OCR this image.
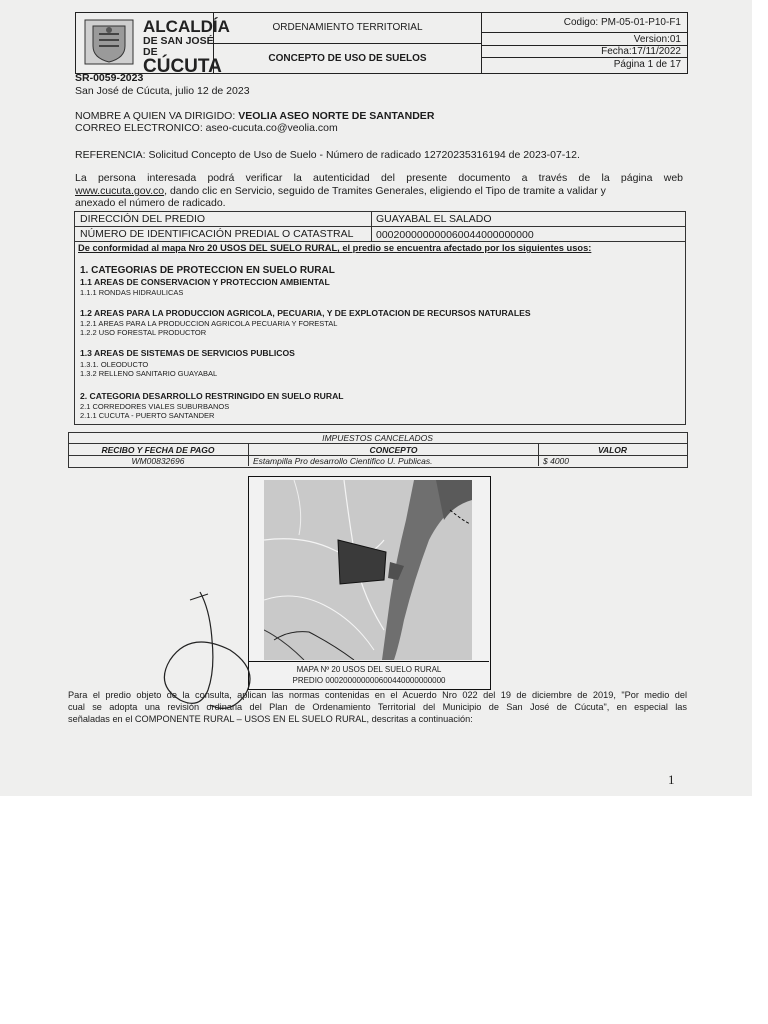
ALCALDÍA
DE SAN JOSÉ DE
CÚCUTA
ORDENAMIENTO TERRITORIAL
CONCEPTO DE USO DE SUELOS
Codigo: PM-05-01-P10-F1
Version:01
Fecha:17/11/2022
Página 1 de 17
SR-0059-2023
San José de Cúcuta, julio 12 de 2023
NOMBRE A QUIEN VA DIRIGIDO: VEOLIA ASEO NORTE DE SANTANDER
CORREO ELECTRONICO: aseo-cucuta.co@veolia.com
REFERENCIA: Solicitud Concepto de Uso de Suelo - Número de radicado 12720235316194 de 2023-07-12.
La persona interesada podrá verificar la autenticidad del presente documento a través de la página web
www.cucuta.gov.co, dando clic en Servicio, seguido de Tramites Generales, eligiendo el Tipo de tramite a validar y
anexado el número de radicado.
DIRECCIÓN DEL PREDIO	GUAYABAL EL SALADO
NÚMERO DE IDENTIFICACIÓN PREDIAL O CATASTRAL 000200000000060044000000000
De conformidad al mapa Nro 20 USOS DEL SUELO RURAL, el predio se encuentra afectado por los siguientes usos:
1. CATEGORIAS DE PROTECCION EN SUELO RURAL
1.1 AREAS DE CONSERVACION Y PROTECCION AMBIENTAL
1.1.1 RONDAS HIDRAULICAS
1.2 AREAS PARA LA PRODUCCION AGRICOLA, PECUARIA, Y DE EXPLOTACION DE RECURSOS NATURALES
1.2.1 AREAS PARA LA PRODUCCION AGRICOLA PECUARIA Y FORESTAL
1.2.2 USO FORESTAL PRODUCTOR
1.3 AREAS DE SISTEMAS DE SERVICIOS PUBLICOS
1.3.1. OLEODUCTO
1.3.2 RELLENO SANITARIO GUAYABAL
2. CATEGORIA DESARROLLO RESTRINGIDO EN SUELO RURAL
2.1 CORREDORES VIALES SUBURBANOS
2.1.1 CUCUTA - PUERTO SANTANDER
IMPUESTOS CANCELADOS
RECIBO Y FECHA DE PAGO	CONCEPTO	VALOR
WM00832696	Estampilla Pro desarrollo Cientifico U. Publicas.	$ 4000
MAPA Nº 20 USOS DEL SUELO RURAL
PREDIO 000200000000600440000000000
Para el predio objeto de la consulta, aplican las normas contenidas en el Acuerdo Nro 022 del 19 de diciembre de 2019, "Por medio del
cual se adopta una revisión ordinaria del Plan de Ordenamiento Territorial del Municipio de San José de Cúcuta", en especial las
señaladas en el COMPONENTE RURAL – USOS EN EL SUELO RURAL, descritas a continuación:
1
